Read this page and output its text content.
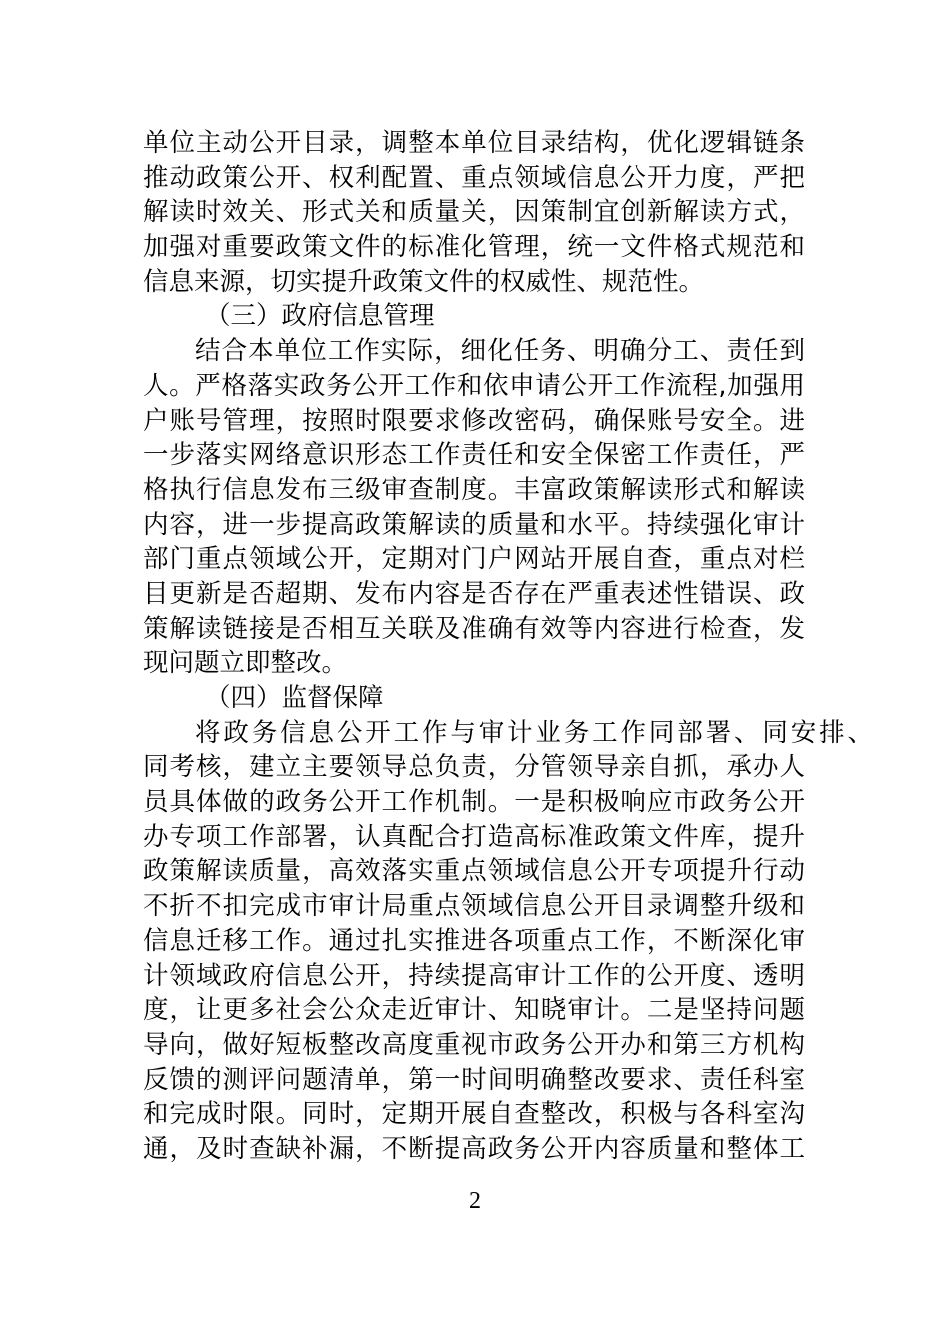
单位主动公开目录，调整本单位目录结构，优化逻辑链条
推动政策公开、权利配置、重点领域信息公开力度，严把
解读时效关、形式关和质量关，因策制宜创新解读方式，
加强对重要政策文件的标准化管理，统一文件格式规范和
信息来源，切实提升政策文件的权威性、规范性。
（三）政府信息管理
结合本单位工作实际，细化任务、明确分工、责任到
人。严格落实政务公开工作和依申请公开工作流程,加强用
户账号管理，按照时限要求修改密码，确保账号安全。进
一步落实网络意识形态工作责任和安全保密工作责任，严
格执行信息发布三级审查制度。丰富政策解读形式和解读
内容，进一步提高政策解读的质量和水平。持续强化审计
部门重点领域公开，定期对门户网站开展自查，重点对栏
目更新是否超期、发布内容是否存在严重表述性错误、政
策解读链接是否相互关联及准确有效等内容进行检查，发
现问题立即整改。
（四）监督保障
将政务信息公开工作与审计业务工作同部署、同安排、
同考核，建立主要领导总负责，分管领导亲自抓，承办人
员具体做的政务公开工作机制。一是积极响应市政务公开
办专项工作部署，认真配合打造高标准政策文件库，提升
政策解读质量，高效落实重点领域信息公开专项提升行动
不折不扣完成市审计局重点领域信息公开目录调整升级和
信息迁移工作。通过扎实推进各项重点工作，不断深化审
计领域政府信息公开，持续提高审计工作的公开度、透明
度，让更多社会公众走近审计、知晓审计。二是坚持问题
导向，做好短板整改高度重视市政务公开办和第三方机构
反馈的测评问题清单，第一时间明确整改要求、责任科室
和完成时限。同时，定期开展自查整改，积极与各科室沟
通，及时查缺补漏，不断提高政务公开内容质量和整体工
2
